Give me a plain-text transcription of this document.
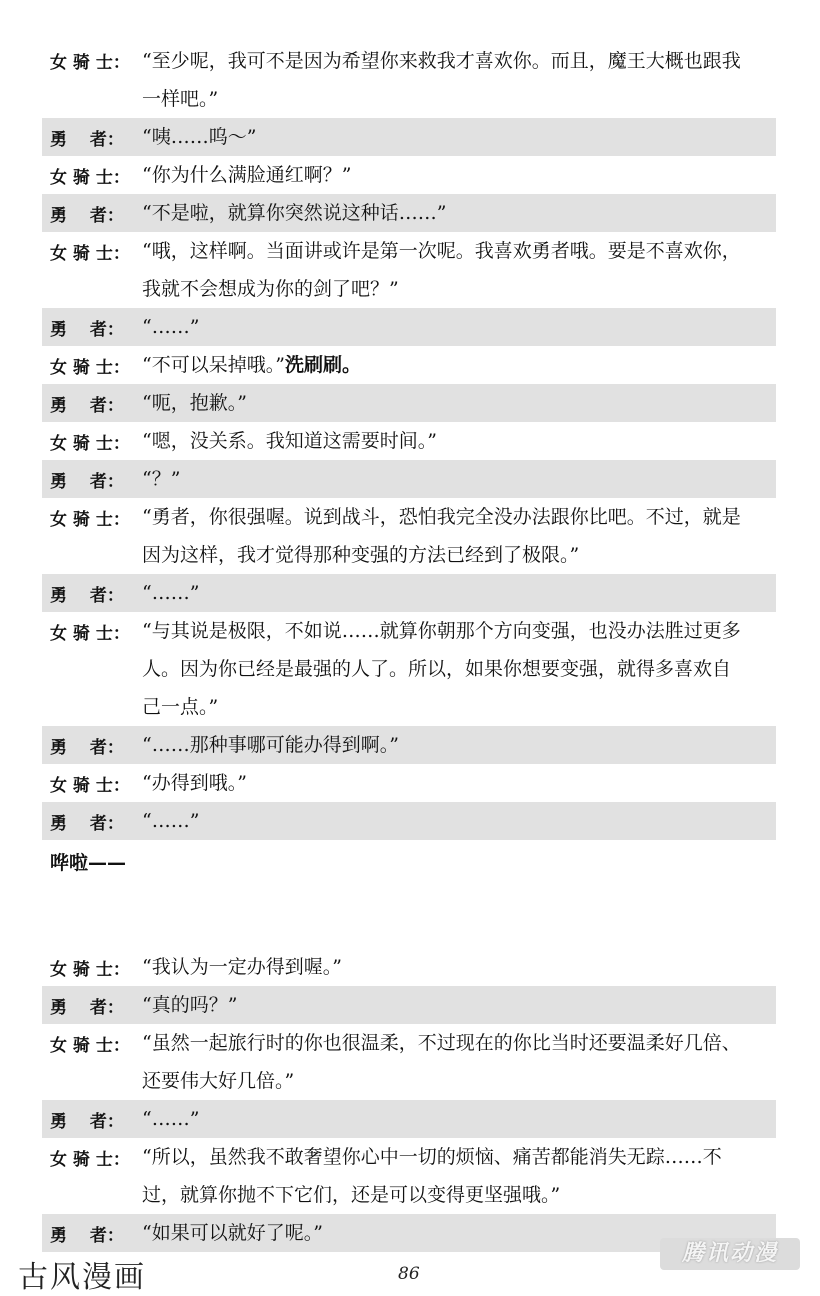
女 骑 士： “至少呢，我可不是因为希望你来救我才喜欢你。而且，魔王大概也跟我
一样吧。”
勇　 者： “咦……呜～”
女 骑 士： “你为什么满脸通红啊？”
勇　 者： “不是啦，就算你突然说这种话……”
女 骑 士： “哦，这样啊。当面讲或许是第一次呢。我喜欢勇者哦。要是不喜欢你，
我就不会想成为你的剑了吧？”
勇　 者： “……”
女 骑 士： “不可以呆掉哦。”洗刷刷。
勇　 者： “呃，抱歉。”
女 骑 士： “嗯，没关系。我知道这需要时间。”
勇　 者： “？”
女 骑 士： “勇者，你很强喔。说到战斗，恐怕我完全没办法跟你比吧。不过，就是
因为这样，我才觉得那种变强的方法已经到了极限。”
勇　 者： “……”
女 骑 士： “与其说是极限，不如说……就算你朝那个方向变强，也没办法胜过更多
人。因为你已经是最强的人了。所以，如果你想要变强，就得多喜欢自
己一点。”
勇　 者： “……那种事哪可能办得到啊。”
女 骑 士： “办得到哦。”
勇　 者： “……”
哗啦——
女 骑 士： “我认为一定办得到喔。”
勇　 者： “真的吗？”
女 骑 士： “虽然一起旅行时的你也很温柔，不过现在的你比当时还要温柔好几倍、
还要伟大好几倍。”
勇　 者： “……”
女 骑 士： “所以，虽然我不敢奢望你心中一切的烦恼、痛苦都能消失无踪……不
过，就算你抛不下它们，还是可以变得更坚强哦。”
勇　 者： “如果可以就好了呢。”
古风漫画	86
腾讯动漫
